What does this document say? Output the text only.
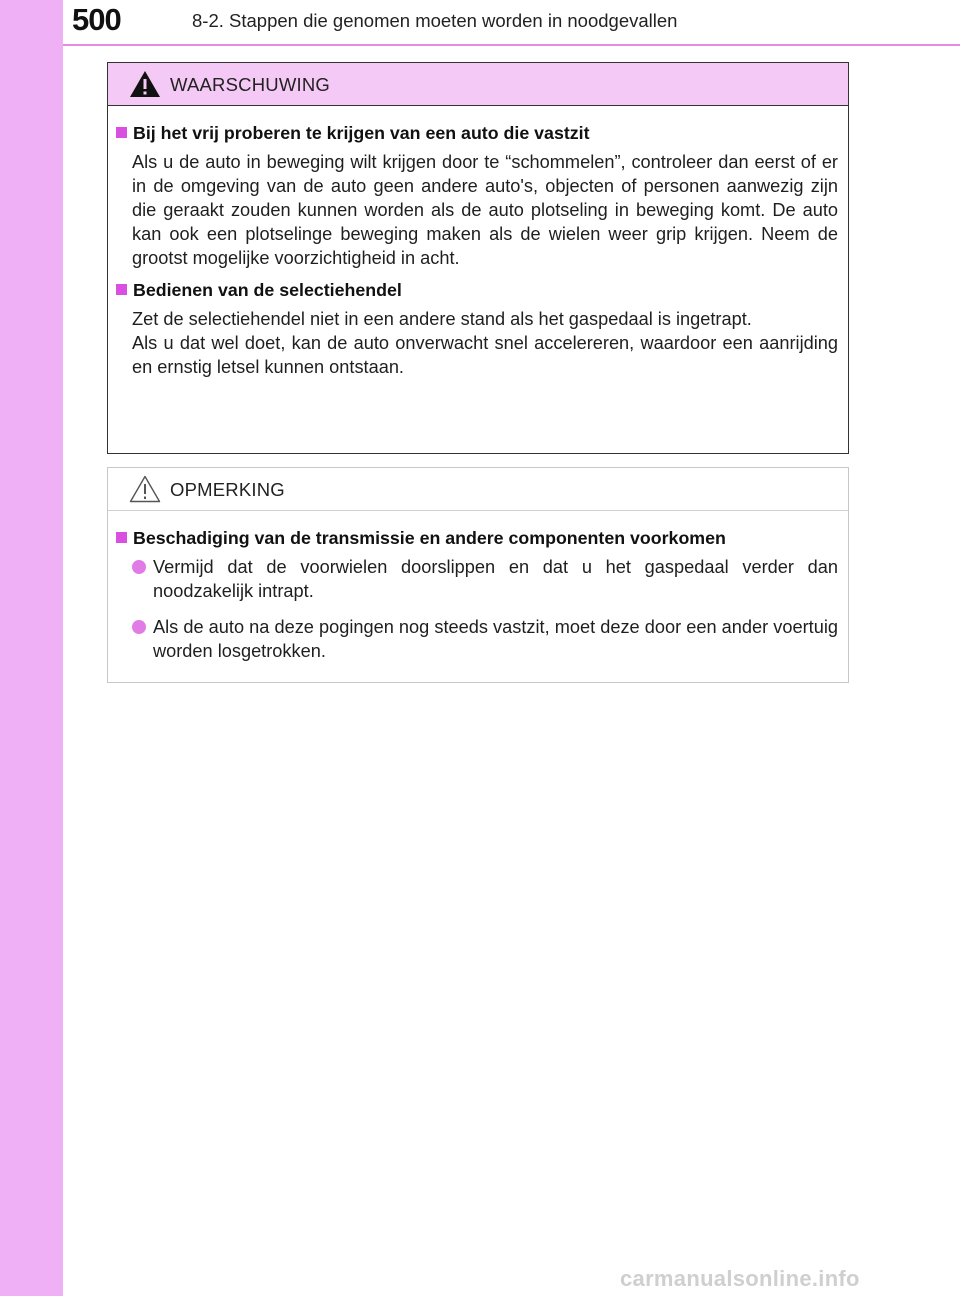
500	8-2. Stappen die genomen moeten worden in noodgevallen
WAARSCHUWING
Bij het vrij proberen te krijgen van een auto die vastzit
Als u de auto in beweging wilt krijgen door te “schommelen”, controleer dan eerst of er in de omgeving van de auto geen andere auto's, objecten of personen aanwezig zijn die geraakt zouden kunnen worden als de auto plotseling in beweging komt. De auto kan ook een plotselinge beweging maken als de wielen weer grip krijgen. Neem de grootst mogelijke voorzichtigheid in acht.
Bedienen van de selectiehendel
Zet de selectiehendel niet in een andere stand als het gaspedaal is ingetrapt.
Als u dat wel doet, kan de auto onverwacht snel accelereren, waardoor een aanrijding en ernstig letsel kunnen ontstaan.
OPMERKING
Beschadiging van de transmissie en andere componenten voorkomen
Vermijd dat de voorwielen doorslippen en dat u het gaspedaal verder dan noodzakelijk intrapt.
Als de auto na deze pogingen nog steeds vastzit, moet deze door een ander voertuig worden losgetrokken.
carmanualsonline.info
